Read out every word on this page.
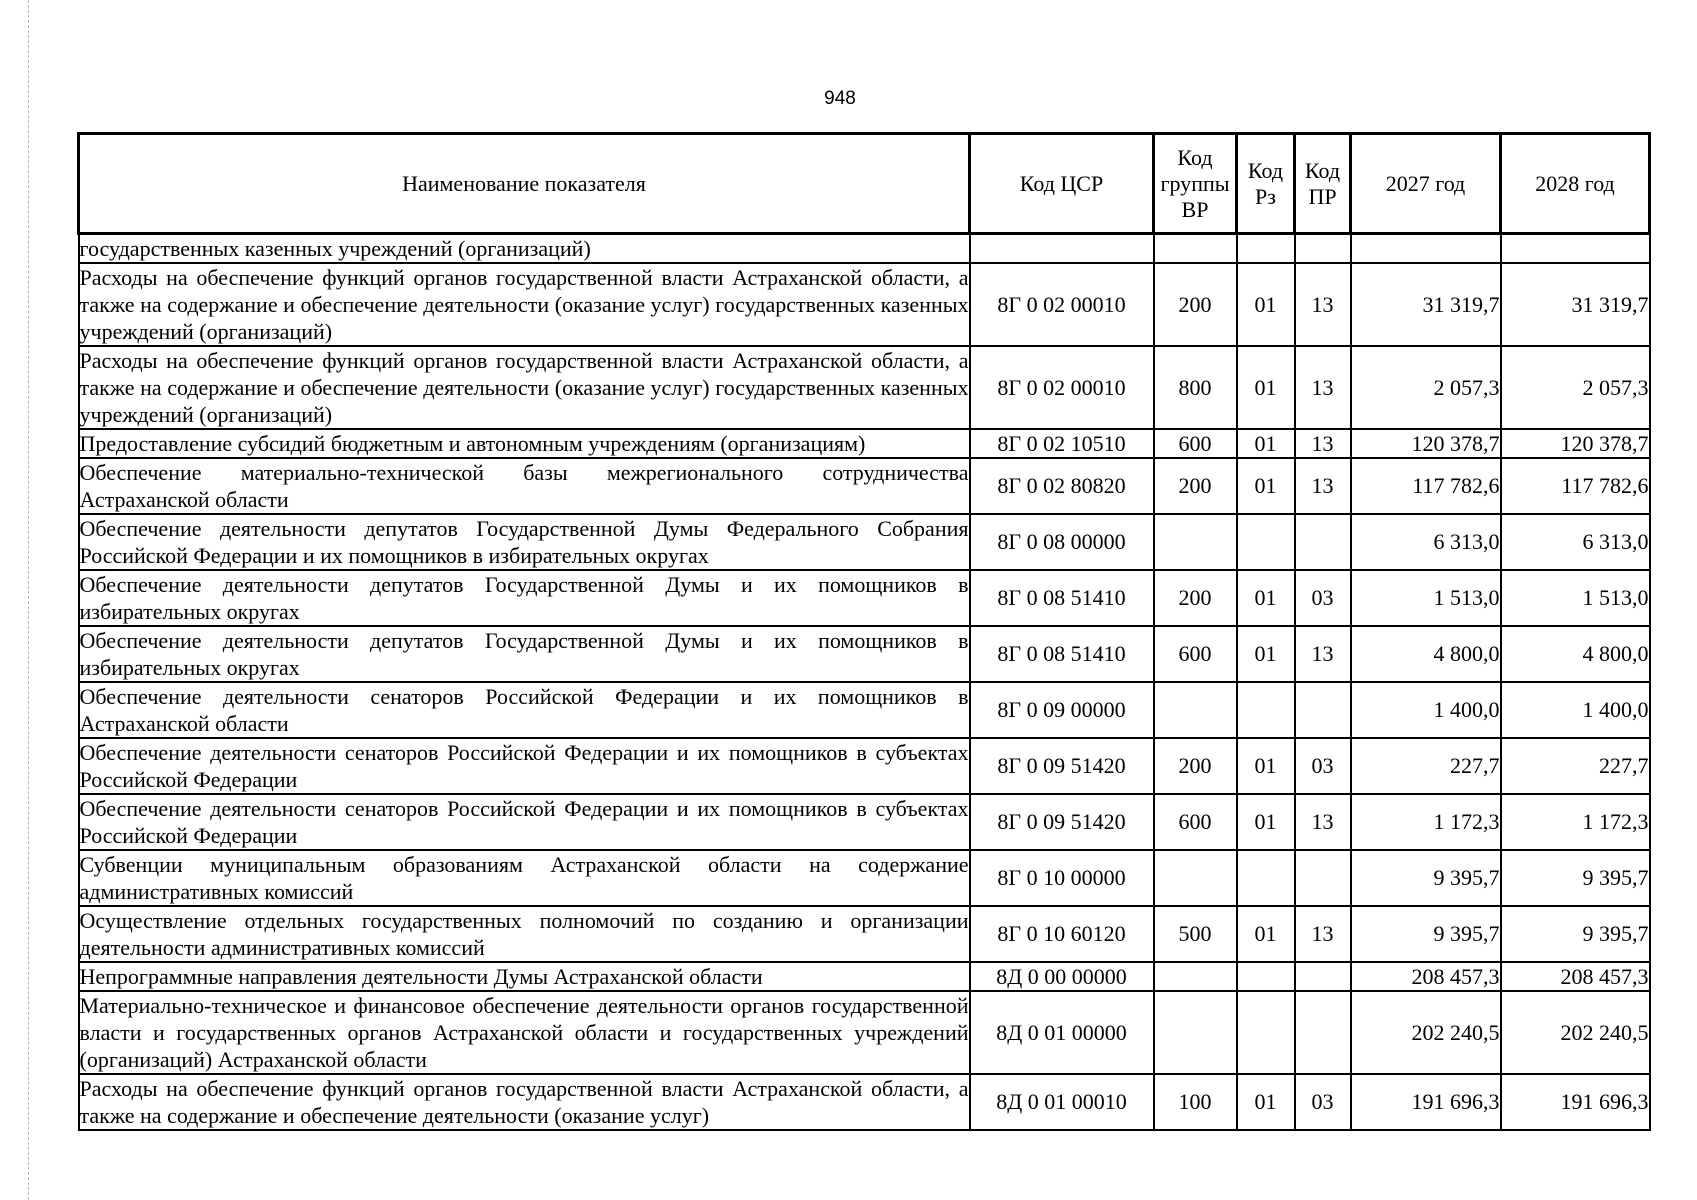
948
Наименование показателя	Код ЦСР	Код группы ВР	Код Рз	Код ПР	2027 год	2028 год
государственных казенных учреждений (организаций)						
Расходы на обеспечение функций органов государственной власти Астраханской области, а также на содержание и обеспечение деятельности (оказание услуг) государственных казенных учреждений (организаций)	8Г 0 02 00010	200	01	13	31 319,7	31 319,7
Расходы на обеспечение функций органов государственной власти Астраханской области, а также на содержание и обеспечение деятельности (оказание услуг) государственных казенных учреждений (организаций)	8Г 0 02 00010	800	01	13	2 057,3	2 057,3
Предоставление субсидий бюджетным и автономным учреждениям (организациям)	8Г 0 02 10510	600	01	13	120 378,7	120 378,7
Обеспечение материально-технической базы межрегионального сотрудничества Астраханской области	8Г 0 02 80820	200	01	13	117 782,6	117 782,6
Обеспечение деятельности депутатов Государственной Думы Федерального Собрания Российской Федерации и их помощников в избирательных округах	8Г 0 08 00000				6 313,0	6 313,0
Обеспечение деятельности депутатов Государственной Думы и их помощников в избирательных округах	8Г 0 08 51410	200	01	03	1 513,0	1 513,0
Обеспечение деятельности депутатов Государственной Думы и их помощников в избирательных округах	8Г 0 08 51410	600	01	13	4 800,0	4 800,0
Обеспечение деятельности сенаторов Российской Федерации и их помощников в Астраханской области	8Г 0 09 00000				1 400,0	1 400,0
Обеспечение деятельности сенаторов Российской Федерации и их помощников в субъектах Российской Федерации	8Г 0 09 51420	200	01	03	227,7	227,7
Обеспечение деятельности сенаторов Российской Федерации и их помощников в субъектах Российской Федерации	8Г 0 09 51420	600	01	13	1 172,3	1 172,3
Субвенции муниципальным образованиям Астраханской области на содержание административных комиссий	8Г 0 10 00000				9 395,7	9 395,7
Осуществление отдельных государственных полномочий по созданию и организации деятельности административных комиссий	8Г 0 10 60120	500	01	13	9 395,7	9 395,7
Непрограммные направления деятельности Думы Астраханской области	8Д 0 00 00000				208 457,3	208 457,3
Материально-техническое и финансовое обеспечение деятельности органов государственной власти и государственных органов Астраханской области и государственных учреждений (организаций) Астраханской области	8Д 0 01 00000				202 240,5	202 240,5
Расходы на обеспечение функций органов государственной власти Астраханской области, а также на содержание и обеспечение деятельности (оказание услуг)	8Д 0 01 00010	100	01	03	191 696,3	191 696,3
